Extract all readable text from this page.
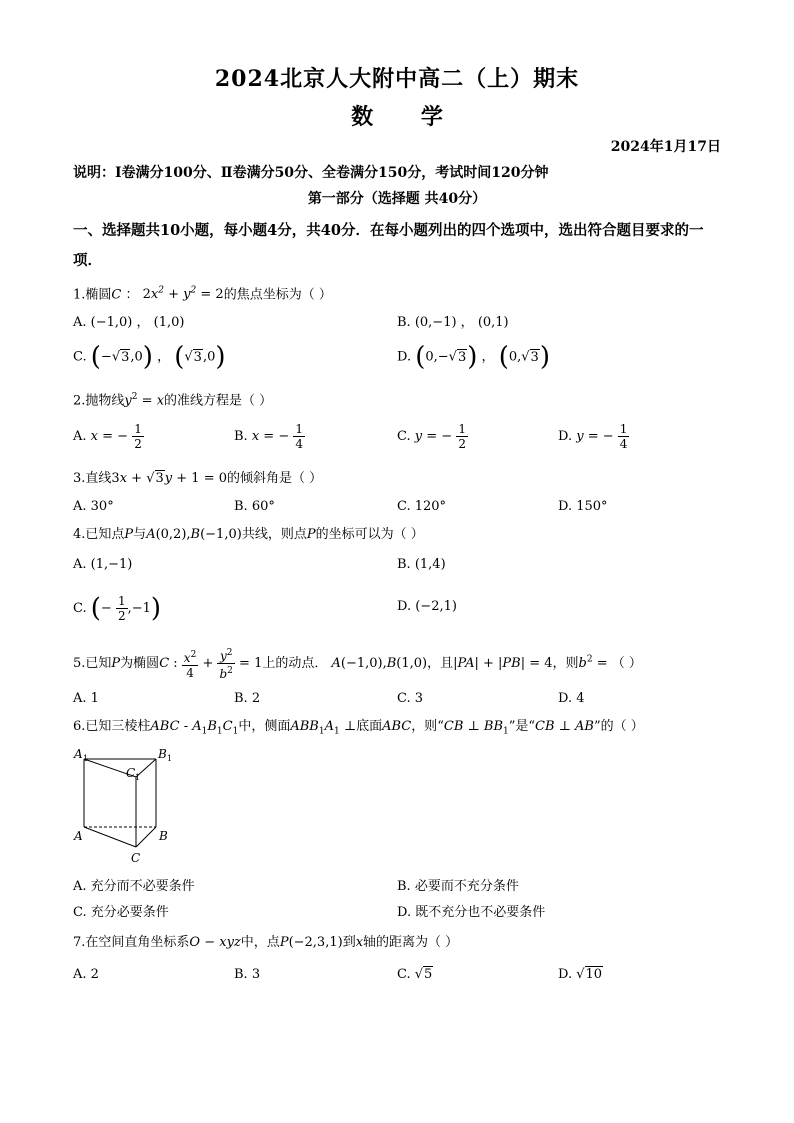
2024北京人大附中高二（上）期末
数 学
2024年1月17日
说明：Ⅰ卷满分100分、Ⅱ卷满分50分、全卷满分150分，考试时间120分钟
第一部分（选择题 共40分）
一、选择题共10小题，每小题4分，共40分．在每小题列出的四个选项中，选出符合题目要求的一项．
1.椭圆C ： $2x^2 + y^2 = 2$的焦点坐标为（ ）
A. (−1,0) ， (1,0)	B. (0,−1) ， (0,1)
C. (−√3,0) ， (√3,0)	D. (0,−√3) ， (0,√3)
2.抛物线$y^2 = x$的准线方程是（ ）
A. x = − $\frac{1}{2}$	B. x = − $\frac{1}{4}$	C. y = − $\frac{1}{2}$	D. y = − $\frac{1}{4}$
3.直线3x + √3y + 1 = 0的倾斜角是（ ）
A. 30°	B. 60°	C. 120°	D. 150°
4.已知点P与A(0,2),B(−1,0)共线，则点P的坐标可以为（ ）
A. (1,−1)	B. (1,4)
C. (− $\frac{1}{2} ,-1$)	D. (−2,1)
5.已知P为椭圆C : $\frac{x^2}{4} + \frac{y^2}{b^2} = 1$上的动点． A(−1,0),B(1,0)，且|PA| + |PB| = 4，则$b^2$ = （ ）
A. 1	B. 2	C. 3	D. 4
6.已知三棱柱ABC - $A_1B_1C_1$中，侧面$ABB_1A_1$ ⊥底面ABC，则“CB ⊥ $BB_1$”是“CB ⊥ AB”的（ ）
A 1	B 1
C 1
A	B
C
A. 充分而不必要条件	B. 必要而不充分条件
C. 充分必要条件	D. 既不充分也不必要条件
7.在空间直角坐标系O − xyz中，点P(−2,3,1)到x轴的距离为（ ）
A. 2	B. 3	C. √5	D. √10
